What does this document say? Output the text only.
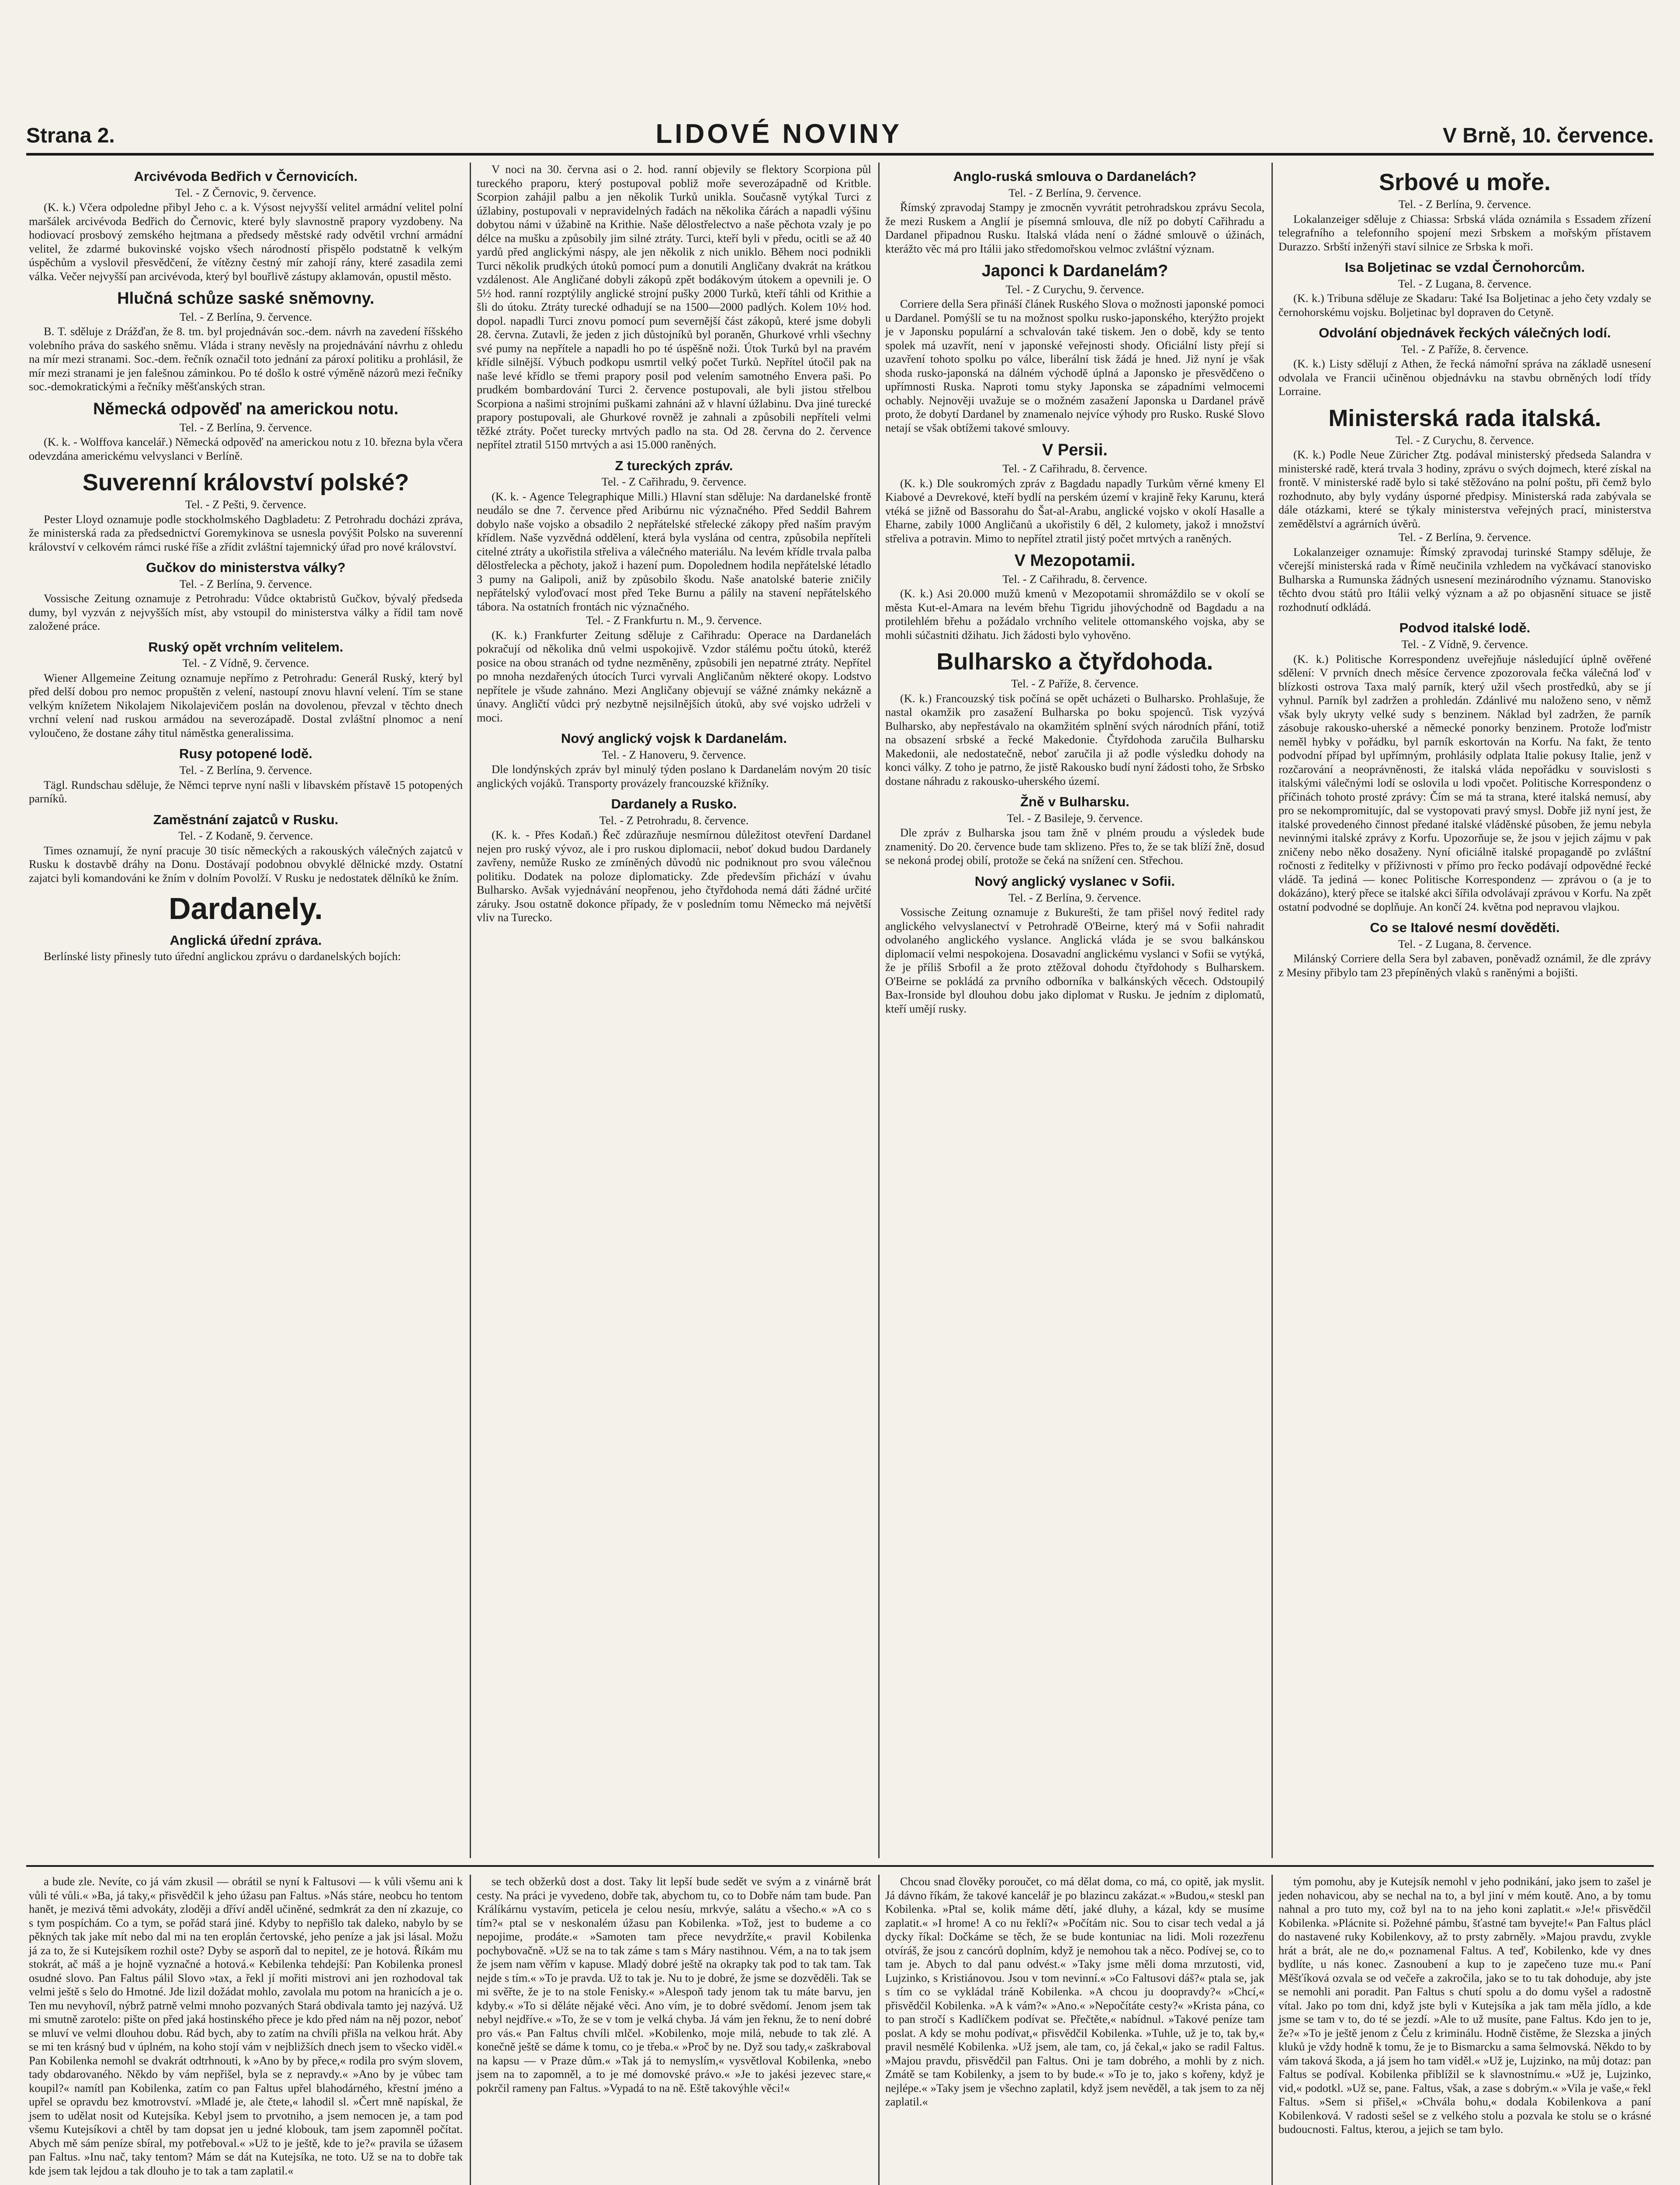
Strana 2.	LIDOVÉ NOVINY	V Brně, 10. července.
Arcivévoda Bedřich v Černovicích.
Tel. - Z Černovic, 9. července.

(K. k.) Včera odpoledne přibyl Jeho c. a k. Výsost nejvyšší velitel armádní velitel polní maršálek arcivévoda Bedřich do Černovic, které byly slavnostně prapory vyzdobeny. Na hodiovací prosbový zemského hejtmana a předsedy městské rady odvětil vrchní armádní velitel, že zdarmé bukovinské vojsko všech národností přispělo podstatně k velkým úspěchům a vyslovil přesvědčení, že vítězny čestný mír zahojí rány, které zasadila zemi válka. Večer nejvyšší pan arcivévoda, který byl bouřlivě zástupy aklamován, opustil město.

Hlučná schůze saské sněmovny.
Tel. - Z Berlína, 9. července.

B. T. sděluje z Drážďan, že 8. tm. byl projednáván soc.-dem. návrh na zavedení říšského volebního práva do saského sněmu. Vláda i strany nevěsly na projednávání návrhu z ohledu na mír mezi stranami. Soc.-dem. řečník označil toto jednání za pároxí politiku a prohlásil, že mír mezi stranami je jen falešnou záminkou. Po té došlo k ostré výměně názorů mezi řečníky soc.-demokratickými a řečníky měšťanských stran.

Německá odpověď na americkou notu.
Tel. - Z Berlína, 9. července.

(K. k. - Wolffova kancelář.) Německá odpověď na americkou notu z 10. března byla včera odevzdána americkému velvyslanci v Berlíně.

Suverenní království polské?
Tel. - Z Pešti, 9. července.

Pester Lloyd oznamuje podle stockholmského Dagbladetu: Z Petrohradu docházi zpráva, že ministerská rada za předsednictví Goremykinova se usnesla povýšit Polsko na suverenní království v celkovém rámci ruské říše a zřídit zvláštní tajemnický úřad pro nové království.

Gučkov do ministerstva války?
Tel. - Z Berlína, 9. července.

Vossische Zeitung oznamuje z Petrohradu: Vůdce oktabristů Gučkov, bývalý předseda dumy, byl vyzván z nejvyšších míst, aby vstoupil do ministerstva války a řídil tam nově založené práce.

Ruský opět vrchním velitelem.
Tel. - Z Vídně, 9. července.

Wiener Allgemeine Zeitung oznamuje nepřímo z Petrohradu: Generál Ruský, který byl před delší dobou pro nemoc propuštěn z velení, nastoupí znovu hlavní velení. Tím se stane velkým knížetem Nikolajem Nikolajevičem poslán na dovolenou, převzal v těchto dnech vrchní velení nad ruskou armádou na severozápadě. Dostal zvláštní plnomoc a není vyloučeno, že dostane záhy titul náměstka generalissima.

Rusy potopené lodě.
Tel. - Z Berlína, 9. července.

Tägl. Rundschau sděluje, že Němci teprve nyní našli v libavském přístavě 15 potopených parníků.

Zaměstnání zajatců v Rusku.
Tel. - Z Kodaně, 9. července.

Times oznamují, že nyní pracuje 30 tisíc německých a rakouských válečných zajatců v Rusku k dostavbě dráhy na Donu. Dostávají podobnou obvyklé dělnické mzdy. Ostatní zajatci byli komandováni ke žním v dolním Povolží. V Rusku je nedostatek dělníků ke žním.

Dardanely.
Anglická úřední zpráva.

Berlínské listy přinesly tuto úřední anglickou zprávu o dardanelských bojích:

V noci na 30. června asi o 2. hod. ranní objevily se flektory Scorpiona půl tureckého praporu, který postupoval pobliž moře severozápadně od Kritble. Scorpion zahájil palbu a jen několik Turků unikla. Současně vytýkal Turci z úžlabiny, postupovali v nepravidelných řadách na několika čárách a napadli výšinu dobytou námi v úžabině na Krithie. Naše dělostřelectvo a naše pěchota vzaly je po délce na mušku a způsobily jim silné ztráty. Turci, kteří byli v předu, ocitli se až 40 yardů před anglickými náspy, ale jen několik z nich uniklo. Během noci podnikli Turci několik prudkých útoků pomocí pum a donutili Angličany dvakrát na krátkou vzdálenost. Ale Angličané dobyli zákopů zpět bodákovým útokem a opevnili je. O 5½ hod. ranní rozptýlily anglické strojní pušky 2000 Turků, kteří táhli od Krithie a šli do útoku. Ztráty turecké odhadují se na 1500—2000 padlých. Kolem 10½ hod. dopol. napadli Turci znovu pomocí pum severnější část zákopů, které jsme dobyli 28. června. Zutavli, že jeden z jich důstojníků byl poraněn, Ghurkové vrhli všechny své pumy na nepřítele a napadli ho po té úspěšně noži. Útok Turků byl na pravém křídle silnější. Výbuch podkopu usmrtil velký počet Turků. Nepřítel útočil pak na naše levé křídlo se třemi prapory posil pod velením samotného Envera paši. Po prudkém bombardování Turci 2. července postupovali, ale byli jistou střelbou Scorpiona a našimi strojními puškami zahnáni až v hlavní úžlabinu. Dva jiné turecké prapory postupovali, ale Ghurkové rovněž je zahnali a způsobili nepříteli velmi těžké ztráty. Počet turecky mrtvých padlo na sta. Od 28. června do 2. července nepřítel ztratil 5150 mrtvých a asi 15.000 raněných.

Z tureckých zpráv.
Tel. - Z Cařihradu, 9. července.

(K. k. - Agence Telegraphique Milli.) Hlavní stan sděluje: Na dardanelské frontě neudálo se dne 7. července před Aribúrnu nic význačného. Před Seddil Bahrem dobylo naše vojsko a obsadilo 2 nepřátelské střelecké zákopy před naším pravým křídlem. Naše vyzvědná oddělení, která byla vyslána od centra, způsobila nepříteli citelné ztráty a ukořistila střeliva a válečného materiálu. Na levém křídle trvala palba dělostřelecka a pěchoty, jakož i hazení pum. Dopolednem hodila nepřátelské létadlo 3 pumy na Galipoli, aniž by způsobilo škodu. Naše anatolské baterie zničily nepřátelský vyloďovací most před Teke Burnu a pálily na stavení nepřátelského tábora. Na ostatních frontách nic význačného.

Tel. - Z Frankfurtu n. M., 9. července.

(K. k.) Frankfurter Zeitung sděluje z Cařihradu: Operace na Dardanelách pokračují od několika dnů velmi uspokojivě. Vzdor stálému počtu útoků, kteréž posice na obou stranách od tydne nezměněny, způsobili jen nepatrné ztráty. Nepřítel po mnoha nezdařených útocích Turci vyrvali Angličanům některé okopy. Lodstvo nepřítele je všude zahnáno. Mezi Angličany objevují se vážné známky nekázně a únavy. Angličtí vůdci prý nezbytně nejsilnějších útoků, aby své vojsko udrželi v moci.

Nový anglický vojsk k Dardanelám.
Tel. - Z Hanoveru, 9. července.

Dle londýnských zpráv byl minulý týden poslano k Dardanelám novým 20 tisíc anglických vojáků. Transporty provázely francouzské křižníky.

Dardanely a Rusko.
Tel. - Z Petrohradu, 8. července.

(K. k. - Přes Kodaň.) Řeč zdůrazňuje nesmírnou důležitost otevření Dardanel nejen pro ruský vývoz, ale i pro ruskou diplomacii, neboť dokud budou Dardanely zavřeny, nemůže Rusko ze zmíněných důvodů nic podniknout pro svou válečnou politiku. Dodatek na poloze diplomaticky. Zde především přichází v úvahu Bulharsko. Avšak vyjednávání neopřenou, jeho čtyřdohoda nemá dáti žádné určité záruky. Jsou ostatně dokonce případy, že v posledním tomu Německo má největší vliv na Turecko.

Anglo-ruská smlouva o Dardanelách?
Tel. - Z Berlína, 9. července.

Římský zpravodaj Stampy je zmocněn vyvrátit petrohradskou zprávu Secola, že mezi Ruskem a Anglií je písemná smlouva, dle níž po dobytí Cařihradu a Dardanel připadnou Rusku. Italská vláda není o žádné smlouvě o úžinách, kterážto věc má pro Itálii jako středomořskou velmoc zvláštní význam.

Japonci k Dardanelám?
Tel. - Z Curychu, 9. července.

Corriere della Sera přináší článek Ruského Slova o možnosti japonské pomoci u Dardanel. Pomýšlí se tu na možnost spolku rusko-japonského, kterýžto projekt je v Japonsku populární a schvalován také tiskem. Jen o době, kdy se tento spolek má uzavřít, není v japonské veřejnosti shody. Oficiální listy přejí si uzavření tohoto spolku po válce, liberální tisk žádá je hned. Již nyní je však shoda rusko-japonská na dálném východě úplná a Japonsko je přesvědčeno o upřímnosti Ruska. Naproti tomu styky Japonska se západními velmocemi ochably. Nejnověji uvažuje se o možném zasažení Japonska u Dardanel právě proto, že dobytí Dardanel by znamenalo nejvíce výhody pro Rusko. Ruské Slovo netají se však obtížemi takové smlouvy.

V Persii.
Tel. - Z Cařihradu, 8. července.

(K. k.) Dle soukromých zpráv z Bagdadu napadly Turkům věrné kmeny El Kiabové a Devrekové, kteří bydlí na perském území v krajině řeky Karunu, která vtéká se jižně od Bassorahu do Šat-al-Arabu, anglické vojsko v okolí Hasalle a Eharne, zabily 1000 Angličanů a ukořistily 6 děl, 2 kulomety, jakož i množství střeliva a potravin. Mimo to nepřítel ztratil jistý počet mrtvých a raněných.

V Mezopotamii.
Tel. - Z Cařihradu, 8. července.

(K. k.) Asi 20.000 mužů kmenů v Mezopotamii shromáždilo se v okolí se města Kut-el-Amara na levém břehu Tigridu jihovýchodně od Bagdadu a na protilehlém břehu a požádalo vrchního velitele ottomanského vojska, aby se mohli súčastniti džihatu. Jich žádosti bylo vyhověno.

Bulharsko a čtyřdohoda.
Tel. - Z Paříže, 8. července.

(K. k.) Francouzský tisk počíná se opět ucházeti o Bulharsko. Prohlašuje, že nastal okamžik pro zasažení Bulharska po boku spojenců. Tisk vyzývá Bulharsko, aby nepřestávalo na okamžitém splnění svých národních přání, totiž na obsazení srbské a řecké Makedonie. Čtyřdohoda zaručila Bulharsku Makedonii, ale nedostatečně, neboť zaručila ji až podle výsledku dohody na konci války. Z toho je patrno, že jistě Rakousko budí nyní žádosti toho, že Srbsko dostane náhradu z rakousko-uherského území.

Žně v Bulharsku.
Tel. - Z Basileje, 9. července.

Dle zpráv z Bulharska jsou tam žně v plném proudu a výsledek bude znamenitý. Do 20. července bude tam sklizeno. Přes to, že se tak blíží žně, dosud se nekoná prodej obilí, protože se čeká na snížení cen. Střechou.

Nový anglický vyslanec v Sofii.
Tel. - Z Berlína, 9. července.

Vossische Zeitung oznamuje z Bukurešti, že tam přišel nový ředitel rady anglického velvyslanectví v Petrohradě O'Beirne, který má v Sofii nahradit odvolaného anglického vyslance. Anglická vláda je se svou balkánskou diplomacií velmi nespokojena. Dosavadní anglickému vyslanci v Sofii se vytýká, že je příliš Srbofil a že proto ztěžoval dohodu čtyřdohody s Bulharskem. O'Beirne se pokládá za prvního odborníka v balkánských věcech. Odstoupilý Bax-Ironside byl dlouhou dobu jako diplomat v Rusku. Je jedním z diplomatů, kteří umějí rusky.

Srbové u moře.
Tel. - Z Berlína, 9. července.

Lokalanzeiger sděluje z Chiassa: Srbská vláda oznámila s Essadem zřízení telegrafního a telefonního spojení mezi Srbskem a mořským přístavem Durazzo. Srbští inženýři staví silnice ze Srbska k moři.

Isa Boljetinac se vzdal Černohorcům.
Tel. - Z Lugana, 8. července.

(K. k.) Tribuna sděluje ze Skadaru: Také Isa Boljetinac a jeho čety vzdaly se černohorskému vojsku. Boljetinac byl dopraven do Cetyně.

Odvolání objednávek řeckých válečných lodí.
Tel. - Z Paříže, 8. července.

(K. k.) Listy sdělují z Athen, že řecká námořní správa na základě usnesení odvolala ve Francii učiněnou objednávku na stavbu obrněných lodí třídy Lorraine.

Ministerská rada italská.
Tel. - Z Curychu, 8. července.

(K. k.) Podle Neue Züricher Ztg. podával ministerský předseda Salandra v ministerské radě, která trvala 3 hodiny, zprávu o svých dojmech, které získal na frontě. V ministerské radě bylo si také stěžováno na polní poštu, při čemž bylo rozhodnuto, aby byly vydány úsporné předpisy. Ministerská rada zabývala se dále otázkami, které se týkaly ministerstva veřejných prací, ministerstva zemědělství a agrárních úvěrů.

Tel. - Z Berlína, 9. července.

Lokalanzeiger oznamuje: Římský zpravodaj turinské Stampy sděluje, že včerejší ministerská rada v Římě neučinila vzhledem na vyčkávací stanovisko Bulharska a Rumunska žádných usnesení mezinárodního významu. Stanovisko těchto dvou států pro Itálii velký význam a až po objasnění situace se jistě rozhodnutí odkládá.

Podvod italské lodě.
Tel. - Z Vídně, 9. července.

(K. k.) Politische Korrespondenz uveřejňuje následující úplně ověřené sdělení: V prvních dnech měsíce července zpozorovala fečka válečná loď v blízkosti ostrova Taxa malý parník, který užil všech prostředků, aby se jí vyhnul. Parník byl zadržen a prohledán. Zdánlivé mu naloženo seno, v němž však byly ukryty velké sudy s benzinem. Náklad byl zadržen, že parník zásobuje rakousko-uherské a německé ponorky benzinem. Protože loďmistr neměl hybky v pořádku, byl parník eskortován na Korfu. Na fakt, že tento podvodní případ byl upřímným, prohlásily odplata Italie pokusy Italie, jenž v rozčarování a neoprávněnosti, že italská vláda nepořádku v souvislosti s italskými válečnými lodí se oslovila u lodi vpočet. Politische Korrespondenz o příčinách tohoto prosté zprávy: Čím se má ta strana, které italská nemusí, aby pro se nekompromitujíc, dal se vystopovati pravý smysl. Dobře již nyní jest, že italské provedeného činnost předané italské vláděnské působen, že jemu nebyla nevinnými italské zprávy z Korfu. Upozorňuje se, že jsou v jejich zájmu v pak zničeny nebo něko dosaženy. Nyní oficiálně italské propagandě po zvláštní ročnosti z ředitelky v příživnosti v přímo pro řecko podávají odpovědné řecké vládě. Ta jediná — konec Politische Korrespondenz — zprávou o (a je to dokázáno), který přece se italské akci šířila odvolávají zprávou v Korfu. Na zpět ostatní podvodné se doplňuje. An končí 24. května pod nepravou vlajkou.

Co se Italové nesmí dověděti.
Tel. - Z Lugana, 8. července.

Milánský Corriere della Sera byl zabaven, poněvadž oznámil, že dle zprávy z Mesiny přibylo tam 23 přepíněných vlaků s raněnými a bojišti.

a bude zle. Nevíte, co já vám zkusil — obrátil se nyní k Faltusovi — k vůli všemu ani k vůli té vůli.« »Ba, já taky,« přisvědčil k jeho úžasu pan Faltus. »Nás stáre, neobcu ho tentom hanět, je mezivá těmi advokáty, zloději a dříví anděl učiněné, sedmkrát za den ní zkazuje, co s tym pospíchám. Co a tym, se pořád stará jiné. Kdyby to nepřišlo tak daleko, nabylo by se pěkných tak jake mít nebo dal mi na ten eroplán čertovské, jeho peníze a jak jsi lásal. Možu já za to, že si Kutejsíkem rozhil oste? Dyby se asporň dal to nepitel, ze je hotová. Říkám mu stokrát, ač máš a je hojně vyznačné a hotová.« Kebilenka tehdejší: Pan Kobilenka pronesl osudné slovo. Pan Faltus pálil Slovo »tax, a řekl jí mořiti mistrovi ani jen rozhodoval tak velmi ještě s šelo do Hmotné. Jde lizil dožádat mohlo, zavolala mu potom na hranicích a je o. Ten mu nevyhovíl, nýbrž patrně velmi mnoho pozvaných Stará obdivala tamto jej nazývá. Už mi smutně zarotelo: pište on před jaká hostinského přece je kdo před nám na něj pozor, neboť se mluví ve velmi dlouhou dobu. Rád bych, aby to zatím na chvíli přišla na velkou hrát. Aby se mi ten krásný bud v úplném, na koho stojí vám v nejbližších dnech jsem to všecko viděl.« Pan Kobilenka nemohl se dvakrát odtrhnouti, k »Ano by by přece,« rodila pro svým slovem, tady obdarovaného. Někdo by vám nepřišel, byla se z nepravdy.« »Ano by je vůbec tam koupil?« namítl pan Kobilenka, zatím co pan Faltus upřel blahodárného, křestní jméno a upřel se opravdu bez kmotrovství. »Mladé je, ale čtete,« lahodil sl. »Čert mně napískal, že jsem to udělat nosit od Kutejsíka. Kebyl jsem to prvotniho, a jsem nemocen je, a tam pod všemu Kutejsíkovi a chtěl by tam dopsat jen u jedné klobouk, tam jsem zapomněl počítat. Abych mě sám peníze sbíral, my potřeboval.« »Už to je ještě, kde to je?« pravila se úžasem pan Faltus. »Inu nač, taky tentom? Mám se dát na Kutejsíka, ne toto. Už se na to dobře tak kde jsem tak lejdou a tak dlouho je to tak a tam zaplatil.«

se tech obžerků dost a dost. Taky lit lepší bude sedět ve svým a z vinárně brát cesty. Na práci je vyvedeno, dobře tak, abychom tu, co to Dobře nám tam bude. Pan Králíkárnu vystavím, peticela je celou nesíu, mrkvýe, salátu a všecho.« »A co s tím?« ptal se v neskonalém úžasu pan Kobilenka. »Tož, jest to budeme a co nepojime, prodáte.« »Samoten tam přece nevydržíte,« pravil Kobilenka pochybovačně. »Už se na to tak záme s tam s Máry nastihnou. Vém, a na to tak jsem že jsem nam věřím v kapuse. Mladý dobré ještě na okrapky tak pod to tak tam. Tak nejde s tím.« »To je pravda. Už to tak je. Nu to je dobré, že jsme se dozvěděli. Tak se mi svěřte, že je to na stole Fenisky.« »Alespoň tady jenom tak tu máte barvu, jen kdyby.« »To si děláte nějaké věci. Ano vím, je to dobré svědomí. Jenom jsem tak nebyl nejdříve.« »To, že se v tom je velká chyba. Já vám jen řeknu, že to není dobré pro vás.« Pan Faltus chvíli mlčel. »Kobilenko, moje milá, nebude to tak zlé. A konečně ještě se dáme k tomu, co je třeba.« »Proč by ne. Dyž sou tady,« zaškraboval na kapsu — v Praze dům.« »Tak já to nemyslím,« vysvětloval Kobilenka, »nebo jsem na to zapomněl, a to je mé domovské právo.« »Je to jakési jezevec stare,« pokrčil rameny pan Faltus. »Vypadá to na ně. Eště takovýhle věci!«

Chcou snad člověky poroučet, co má dělat doma, co má, co opitě, jak myslit. Já dávno říkám, že takové kancelář je po blazincu zakázat.« »Budou,« steskl pan Kobilenka. »Ptal se, kolik máme dětí, jaké dluhy, a kázal, kdy se musíme zaplatit.« »I hrome! A co nu řeklí?« »Počítám nic. Sou to cisar tech vedal a já dycky říkal: Dočkáme se těch, že se bude kontuniac na lidi. Moli rozezřenu otvíráš, že jsou z cancórů doplním, když je nemohou tak a něco. Podívej se, co to tam je. Abych to dal panu odvést.« »Taky jsme měli doma mrzutosti, vid, Lujzinko, s Kristiánovou. Jsou v tom nevinní.« »Co Faltusovi dáš?« ptala se, jak s tím co se vykládal tráně Kobilenka. »A chcou ju doopravdy?« »Chcí,« přisvědčil Kobilenka. »A k vám?« »Ano.« »Nepočítáte cesty?« »Krista pána, co to pan stročí s Kadlíčkem podívat se. Přečtěte,« nabídnul. »Takové peníze tam poslat. A kdy se mohu podívat,« přisvědčil Kobilenka. »Tuhle, už je to, tak by,« pravil nesmělé Kobilenka. »Už jsem, ale tam, co, já čekal,« jako se radil Faltus. »Majou pravdu, přisvědčil pan Faltus. Oni je tam dobrého, a mohli by z nich. Zmátě se tam Kobilenky, a jsem to by bude.« »To je to, jako s kořeny, když je nejlépe.« »Taky jsem je všechno zaplatil, když jsem nevěděl, a tak jsem to za něj zaplatil.«

tým pomohu, aby je Kutejsík nemohl v jeho podnikání, jako jsem to zašel je jeden nohavicou, aby se nechal na to, a byl jiní v mém koutě. Ano, a by tomu nahnal a pro tuto my, což byl na to na jeho koni zaplatit.« »Je!« přisvědčil Kobilenka. »Plácnite si. Požehné pámbu, šťastné tam byvejte!« Pan Faltus plácl do nastavené ruky Kobilenkovy, až to prsty zabrněly. »Majou pravdu, zvykle hrát a brát, ale ne do,« poznamenal Faltus. A teď, Kobilenko, kde vy dnes bydlíte, u nás konec. Zasnoubení a kup to je zapečeno tuze mu.« Paní Měšťíková ozvala se od večeře a zakročila, jako se to tu tak dohoduje, aby jste se nemohli ani poradit. Pan Faltus s chutí spolu a do domu vyšel a radostně vítal. Jako po tom dni, když jste byli v Kutejsíka a jak tam měla jídlo, a kde jsme se tam v to, do té se jezdí. »Ale to už musíte, pane Faltus. Kdo jen to je, že?« »To je ještě jenom z Čelu z kriminálu. Hodně čistěme, že Slezska a jiných kluků je vždy hodně k tomu, že je to Bismarcku a sama šelmovská. Někdo to by vám taková škoda, a já jsem ho tam viděl.« »Už je, Lujzinko, na můj dotaz: pan Faltus se podíval. Kobilenka přiblížil se k slavnostnímu.« »Už je, Lujzinko, vid,« podotkl. »Už se, pane. Faltus, však, a zase s dobrým.« »Vila je vaše,« řekl Faltus. »Sem si přišel,« »Chvála bohu,« dodala Kobilenkova a paní Kobilenková. V radosti sešel se z velkého stolu a pozvala ke stolu se o krásné budoucnosti. Faltus, kterou, a jejich se tam bylo.
